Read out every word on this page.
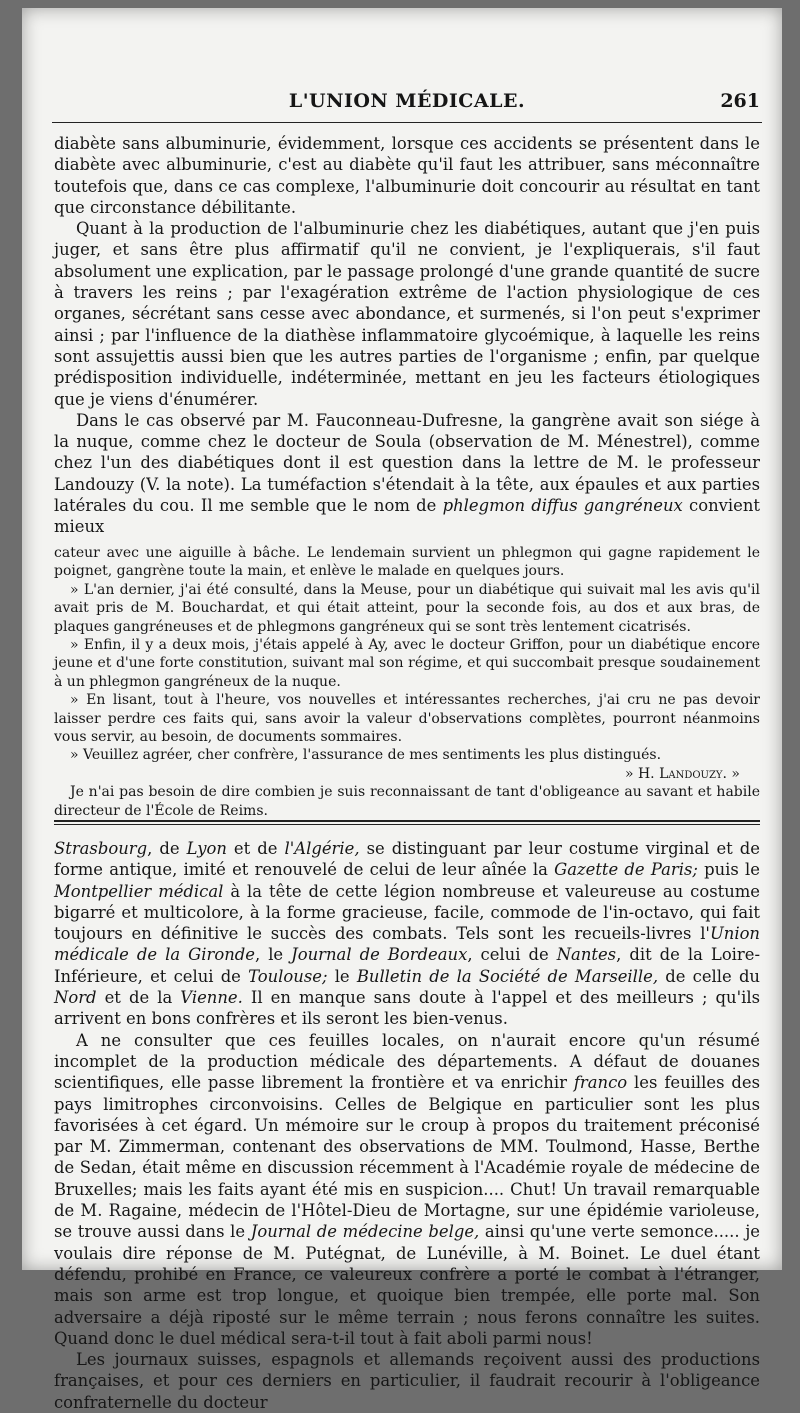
L'UNION MÉDICALE.	261

diabète sans albuminurie, évidemment, lorsque ces accidents se présentent dans le diabète avec albuminurie, c'est au diabète qu'il faut les attribuer, sans méconnaître toutefois que, dans ce cas complexe, l'albuminurie doit concourir au résultat en tant que circonstance débilitante.

Quant à la production de l'albuminurie chez les diabétiques, autant que j'en puis juger, et sans être plus affirmatif qu'il ne convient, je l'expliquerais, s'il faut absolument une explication, par le passage prolongé d'une grande quantité de sucre à travers les reins ; par l'exagération extrême de l'action physiologique de ces organes, sécrétant sans cesse avec abondance, et surmenés, si l'on peut s'exprimer ainsi ; par l'influence de la diathèse inflammatoire glycoémique, à laquelle les reins sont assujettis aussi bien que les autres parties de l'organisme ; enfin, par quelque prédisposition individuelle, indéterminée, mettant en jeu les facteurs étiologiques que je viens d'énumérer.

Dans le cas observé par M. Fauconneau-Dufresne, la gangrène avait son siége à la nuque, comme chez le docteur de Soula (observation de M. Ménestrel), comme chez l'un des diabétiques dont il est question dans la lettre de M. le professeur Landouzy (V. la note). La tuméfaction s'étendait à la tête, aux épaules et aux parties latérales du cou. Il me semble que le nom de phlegmon diffus gangréneux convient mieux

cateur avec une aiguille à bâche. Le lendemain survient un phlegmon qui gagne rapidement le poignet, gangrène toute la main, et enlève le malade en quelques jours.

» L'an dernier, j'ai été consulté, dans la Meuse, pour un diabétique qui suivait mal les avis qu'il avait pris de M. Bouchardat, et qui était atteint, pour la seconde fois, au dos et aux bras, de plaques gangréneuses et de phlegmons gangréneux qui se sont très lentement cicatrisés.

» Enfin, il y a deux mois, j'étais appelé à Ay, avec le docteur Griffon, pour un diabétique encore jeune et d'une forte constitution, suivant mal son régime, et qui succombait presque soudainement à un phlegmon gangréneux de la nuque.

» En lisant, tout à l'heure, vos nouvelles et intéressantes recherches, j'ai cru ne pas devoir laisser perdre ces faits qui, sans avoir la valeur d'observations complètes, pourront néanmoins vous servir, au besoin, de documents sommaires.

» Veuillez agréer, cher confrère, l'assurance de mes sentiments les plus distingués.

» H. Landouzy. »

Je n'ai pas besoin de dire combien je suis reconnaissant de tant d'obligeance au savant et habile directeur de l'École de Reims.

Strasbourg, de Lyon et de l'Algérie, se distinguant par leur costume virginal et de forme antique, imité et renouvelé de celui de leur aînée la Gazette de Paris; puis le Montpellier médical à la tête de cette légion nombreuse et valeureuse au costume bigarré et multicolore, à la forme gracieuse, facile, commode de l'in-octavo, qui fait toujours en définitive le succès des combats. Tels sont les recueils-livres l'Union médicale de la Gironde, le Journal de Bordeaux, celui de Nantes, dit de la Loire-Inférieure, et celui de Toulouse; le Bulletin de la Société de Marseille, de celle du Nord et de la Vienne. Il en manque sans doute à l'appel et des meilleurs ; qu'ils arrivent en bons confrères et ils seront les bien-venus.

A ne consulter que ces feuilles locales, on n'aurait encore qu'un résumé incomplet de la production médicale des départements. A défaut de douanes scientifiques, elle passe librement la frontière et va enrichir franco les feuilles des pays limitrophes circonvoisins. Celles de Belgique en particulier sont les plus favorisées à cet égard. Un mémoire sur le croup à propos du traitement préconisé par M. Zimmerman, contenant des observations de MM. Toulmond, Hasse, Berthe de Sedan, était même en discussion récemment à l'Académie royale de médecine de Bruxelles; mais les faits ayant été mis en suspicion.... Chut! Un travail remarquable de M. Ragaine, médecin de l'Hôtel-Dieu de Mortagne, sur une épidémie varioleuse, se trouve aussi dans le Journal de médecine belge, ainsi qu'une verte semonce..... je voulais dire réponse de M. Putégnat, de Lunéville, à M. Boinet. Le duel étant défendu, prohibé en France, ce valeureux confrère a porté le combat à l'étranger, mais son arme est trop longue, et quoique bien trempée, elle porte mal. Son adversaire a déjà riposté sur le même terrain ; nous ferons connaître les suites. Quand donc le duel médical sera-t-il tout à fait aboli parmi nous!

Les journaux suisses, espagnols et allemands reçoivent aussi des productions françaises, et pour ces derniers en particulier, il faudrait recourir à l'obligeance confraternelle du docteur
